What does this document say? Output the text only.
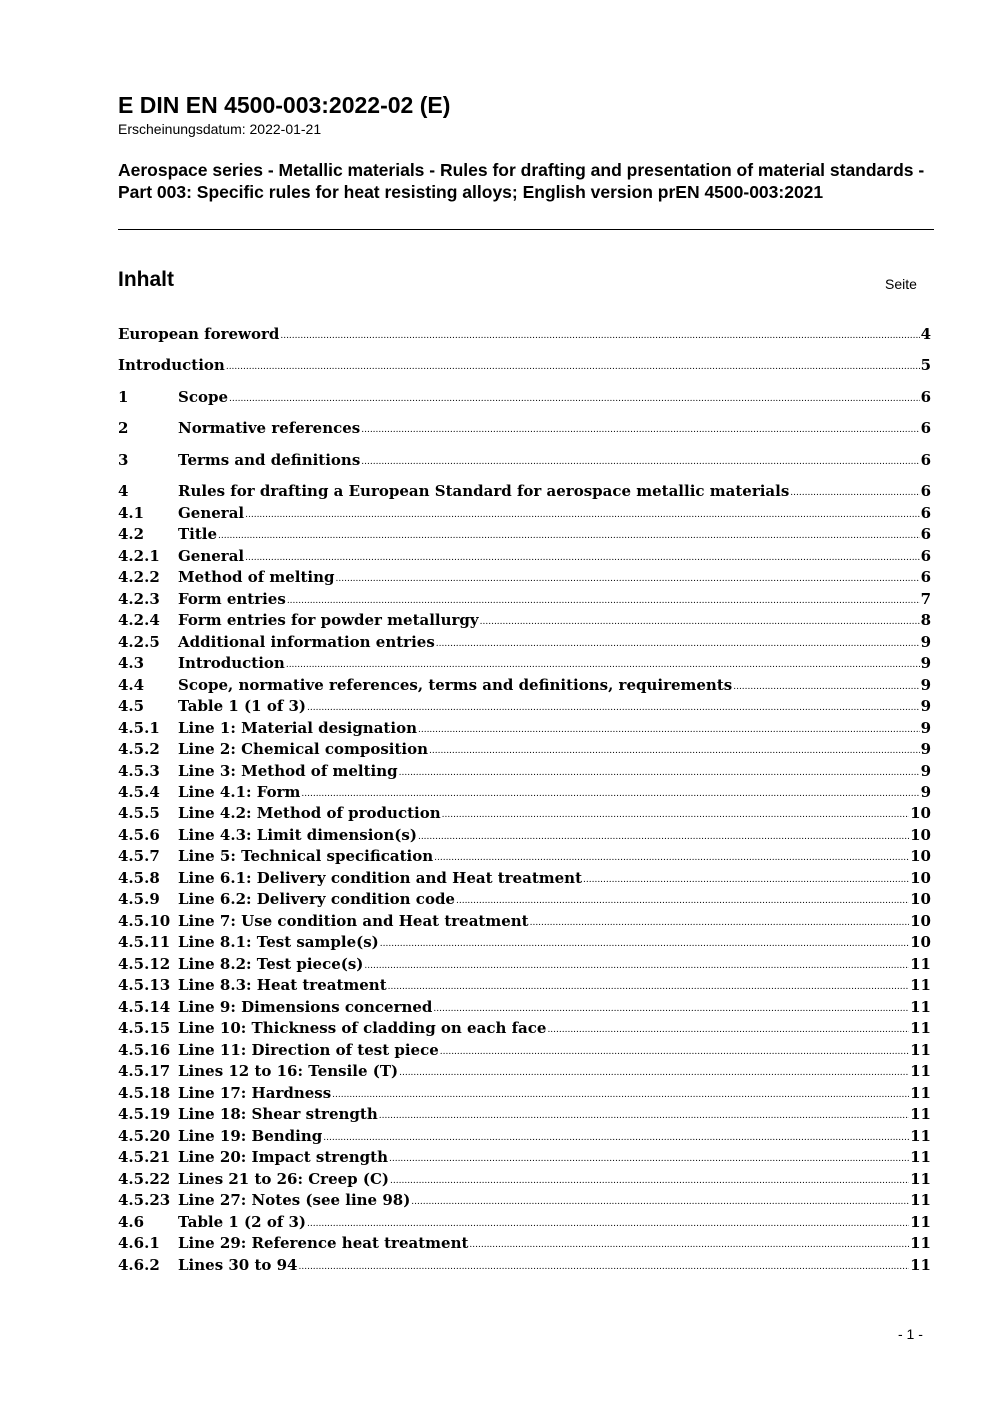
E DIN EN 4500-003:2022-02 (E)

Erscheinungsdatum: 2022-01-21

Aerospace series - Metallic materials - Rules for drafting and presentation of material standards - Part 003: Specific rules for heat resisting alloys; English version prEN 4500-003:2021
Inhalt	Seite
European foreword .....	4
Introduction .....	5
1	Scope .....	6
2	Normative references .....	6
3	Terms and definitions .....	6
4	Rules for drafting a European Standard for aerospace metallic materials .....	6
4.1	General .....	6
4.2	Title .....	6
4.2.1	General .....	6
4.2.2	Method of melting .....	6
4.2.3	Form entries .....	7
4.2.4	Form entries for powder metallurgy .....	8
4.2.5	Additional information entries .....	9
4.3	Introduction .....	9
4.4	Scope, normative references, terms and definitions, requirements .....	9
4.5	Table 1 (1 of 3) .....	9
4.5.1	Line 1: Material designation .....	9
4.5.2	Line 2: Chemical composition .....	9
4.5.3	Line 3: Method of melting .....	9
4.5.4	Line 4.1: Form .....	9
4.5.5	Line 4.2: Method of production .....	10
4.5.6	Line 4.3: Limit dimension(s) .....	10
4.5.7	Line 5: Technical specification .....	10
4.5.8	Line 6.1: Delivery condition and Heat treatment .....	10
4.5.9	Line 6.2: Delivery condition code .....	10
4.5.10 Line 7: Use condition and Heat treatment .....	10
4.5.11 Line 8.1: Test sample(s) .....	10
4.5.12 Line 8.2: Test piece(s) .....	11
4.5.13 Line 8.3: Heat treatment .....	11
4.5.14 Line 9: Dimensions concerned .....	11
4.5.15 Line 10: Thickness of cladding on each face .....	11
4.5.16 Line 11: Direction of test piece .....	11
4.5.17 Lines 12 to 16: Tensile (T) .....	11
4.5.18 Line 17: Hardness .....	11
4.5.19 Line 18: Shear strength .....	11
4.5.20 Line 19: Bending .....	11
4.5.21 Line 20: Impact strength .....	11
4.5.22 Lines 21 to 26: Creep (C) .....	11
4.5.23 Line 27: Notes (see line 98) .....	11
4.6	Table 1 (2 of 3) .....	11
4.6.1	Line 29: Reference heat treatment .....	11
4.6.2	Lines 30 to 94 .....	11
- 1 -
